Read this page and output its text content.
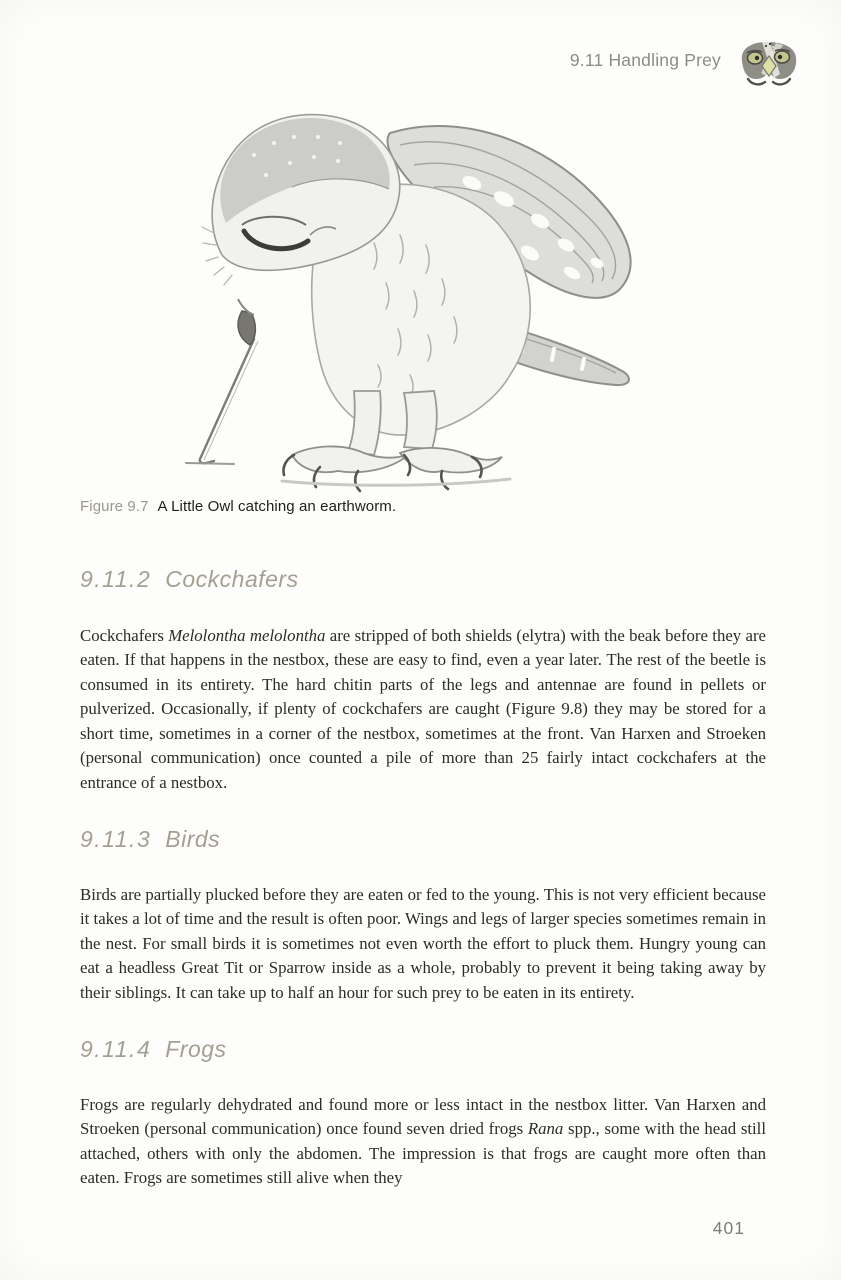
9.11 Handling Prey
Figure 9.7 A Little Owl catching an earthworm.
9.11.2 Cockchafers

Cockchafers Melolontha melolontha are stripped of both shields (elytra) with the beak before they are eaten. If that happens in the nestbox, these are easy to find, even a year later. The rest of the beetle is consumed in its entirety. The hard chitin parts of the legs and antennae are found in pellets or pulverized. Occasionally, if plenty of cockchafers are caught (Figure 9.8) they may be stored for a short time, sometimes in a corner of the nestbox, sometimes at the front. Van Harxen and Stroeken (personal communication) once counted a pile of more than 25 fairly intact cockchafers at the entrance of a nestbox.

9.11.3 Birds

Birds are partially plucked before they are eaten or fed to the young. This is not very efficient because it takes a lot of time and the result is often poor. Wings and legs of larger species sometimes remain in the nest. For small birds it is sometimes not even worth the effort to pluck them. Hungry young can eat a headless Great Tit or Sparrow inside as a whole, probably to prevent it being taking away by their siblings. It can take up to half an hour for such prey to be eaten in its entirety.

9.11.4 Frogs

Frogs are regularly dehydrated and found more or less intact in the nestbox litter. Van Harxen and Stroeken (personal communication) once found seven dried frogs Rana spp., some with the head still attached, others with only the abdomen. The impression is that frogs are caught more often than eaten. Frogs are sometimes still alive when they

401
